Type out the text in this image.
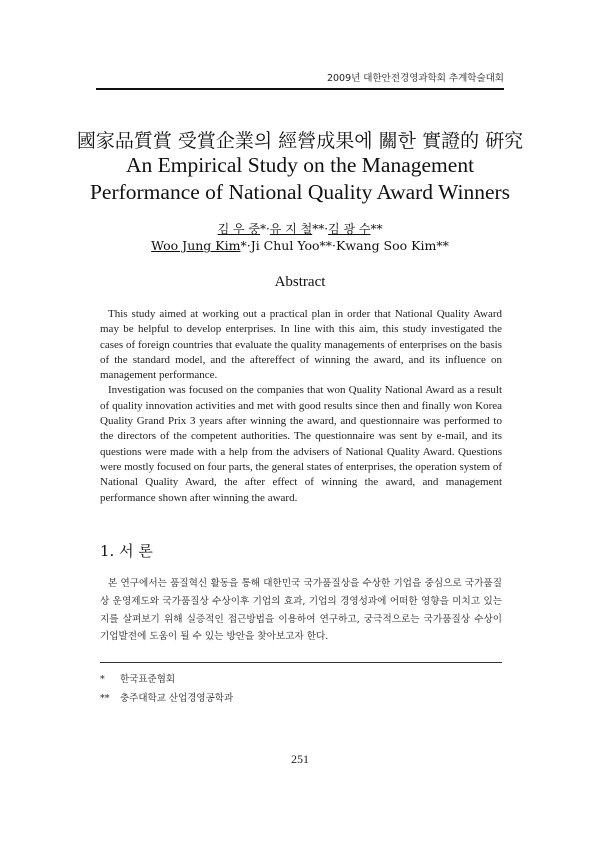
2009년 대한안전경영과학회 추계학술대회
國家品質賞 受賞企業의 經營成果에 關한 實證的 硏究
An Empirical Study on the Management
Performance of National Quality Award Winners
김 우 중*·유 지 철**·김 광 수**
Woo Jung Kim*·Ji Chul Yoo**·Kwang Soo Kim**
Abstract

This study aimed at working out a practical plan in order that National Quality Award may be helpful to develop enterprises. In line with this aim, this study investigated the cases of foreign countries that evaluate the quality managements of enterprises on the basis of the standard model, and the aftereffect of winning the award, and its influence on management performance.

Investigation was focused on the companies that won Quality National Award as a result of quality innovation activities and met with good results since then and finally won Korea Quality Grand Prix 3 years after winning the award, and questionnaire was performed to the directors of the competent authorities. The questionnaire was sent by e-mail, and its questions were made with a help from the advisers of National Quality Award. Questions were mostly focused on four parts, the general states of enterprises, the operation system of National Quality Award, the after effect of winning the award, and management performance shown after winning the award.

1. 서 론

본 연구에서는 품질혁신 활동을 통해 대한민국 국가품질상을 수상한 기업을 중심으로 국가품질상 운영제도와 국가품질상 수상이후 기업의 효과, 기업의 경영성과에 어떠한 영향을 미치고 있는지를 살펴보기 위해 실증적인 접근방법을 이용하여 연구하고, 궁극적으로는 국가품질상 수상이 기업발전에 도움이 될 수 있는 방안을 찾아보고자 한다.

* 한국표준협회
** 충주대학교 산업경영공학과
251
